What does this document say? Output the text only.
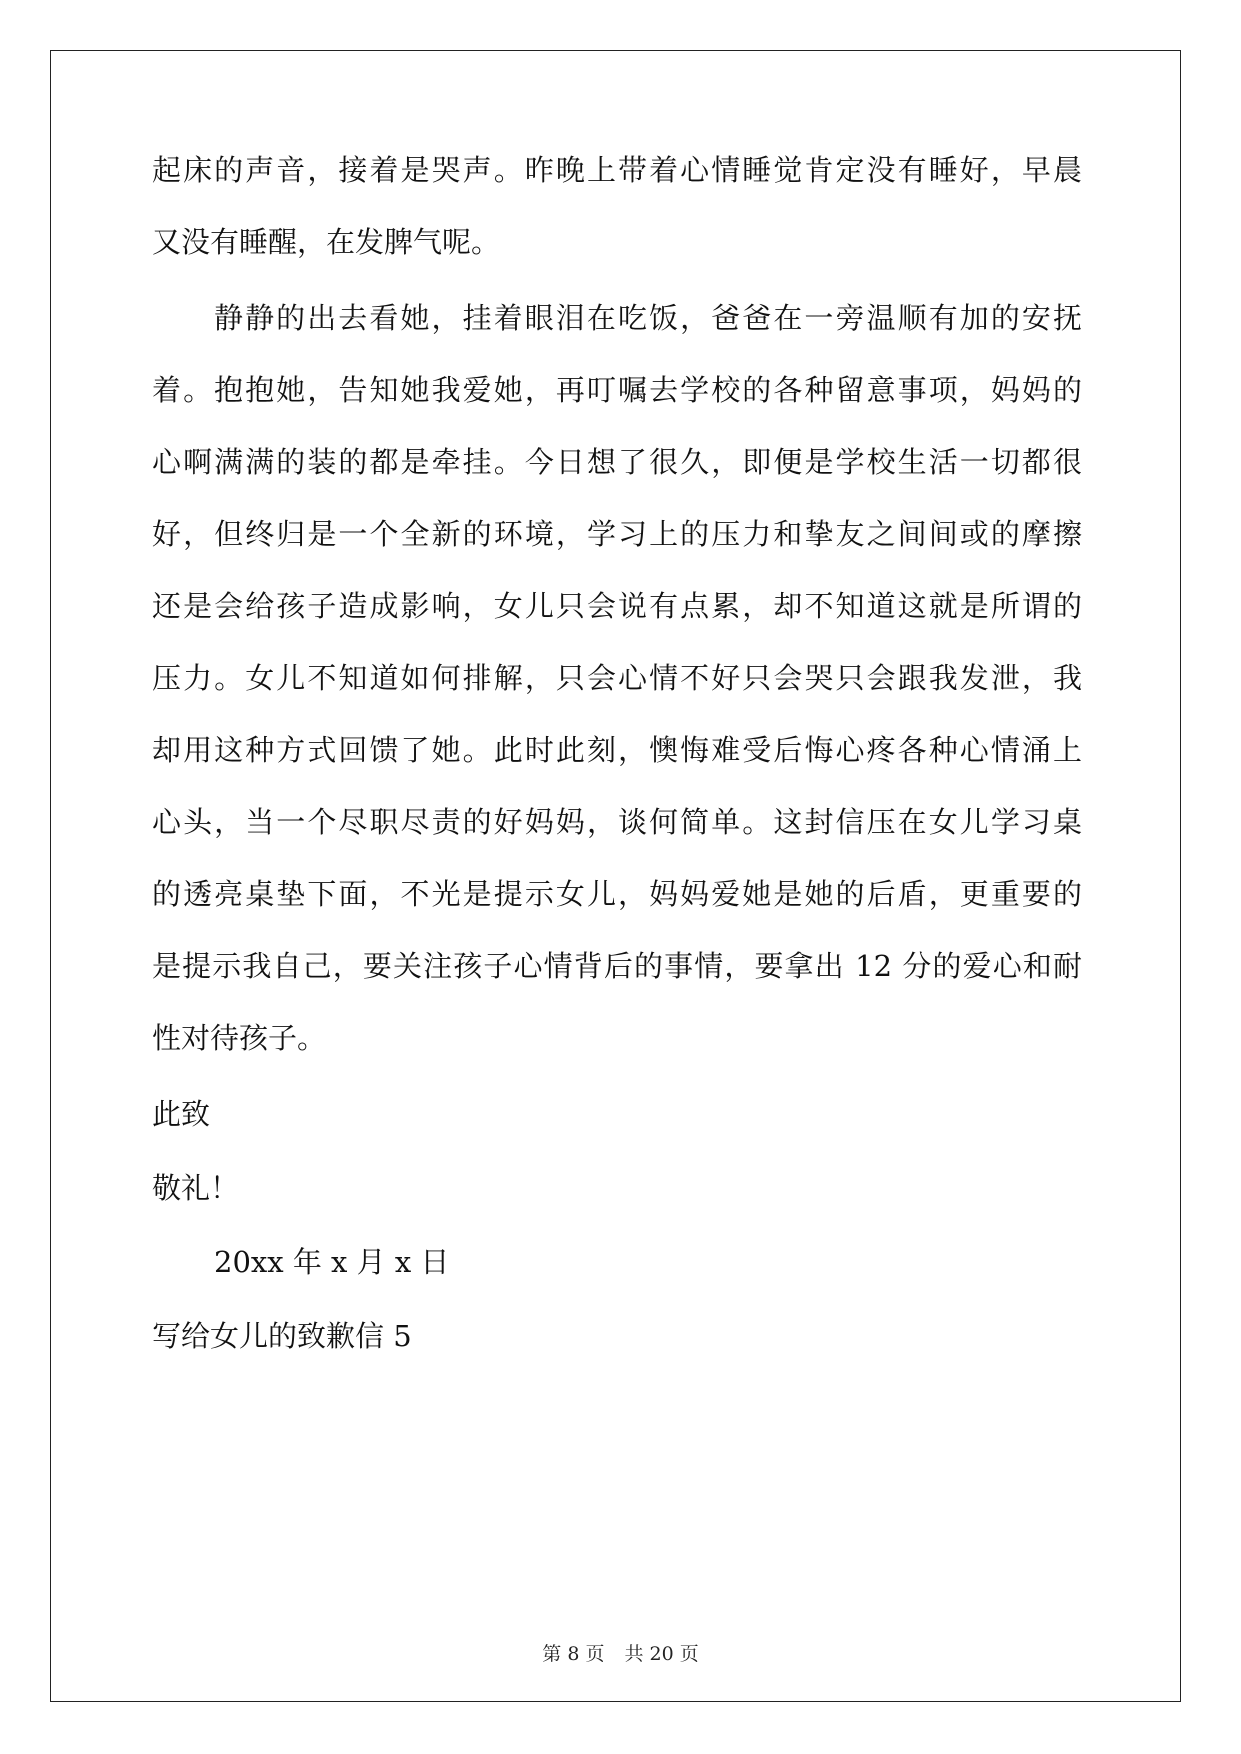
起床的声音，接着是哭声。昨晚上带着心情睡觉肯定没有睡好，早晨
又没有睡醒，在发脾气呢。
静静的出去看她，挂着眼泪在吃饭，爸爸在一旁温顺有加的安抚
着。抱抱她，告知她我爱她，再叮嘱去学校的各种留意事项，妈妈的
心啊满满的装的都是牵挂。今日想了很久，即便是学校生活一切都很
好，但终归是一个全新的环境，学习上的压力和挚友之间间或的摩擦
还是会给孩子造成影响，女儿只会说有点累，却不知道这就是所谓的
压力。女儿不知道如何排解，只会心情不好只会哭只会跟我发泄，我
却用这种方式回馈了她。此时此刻，懊悔难受后悔心疼各种心情涌上
心头，当一个尽职尽责的好妈妈，谈何简单。这封信压在女儿学习桌
的透亮桌垫下面，不光是提示女儿，妈妈爱她是她的后盾，更重要的
是提示我自己，要关注孩子心情背后的事情，要拿出 12 分的爱心和耐
性对待孩子。
此致
敬礼！
20xx 年 x 月 x 日
写给女儿的致歉信 5
第 8 页 共 20 页
